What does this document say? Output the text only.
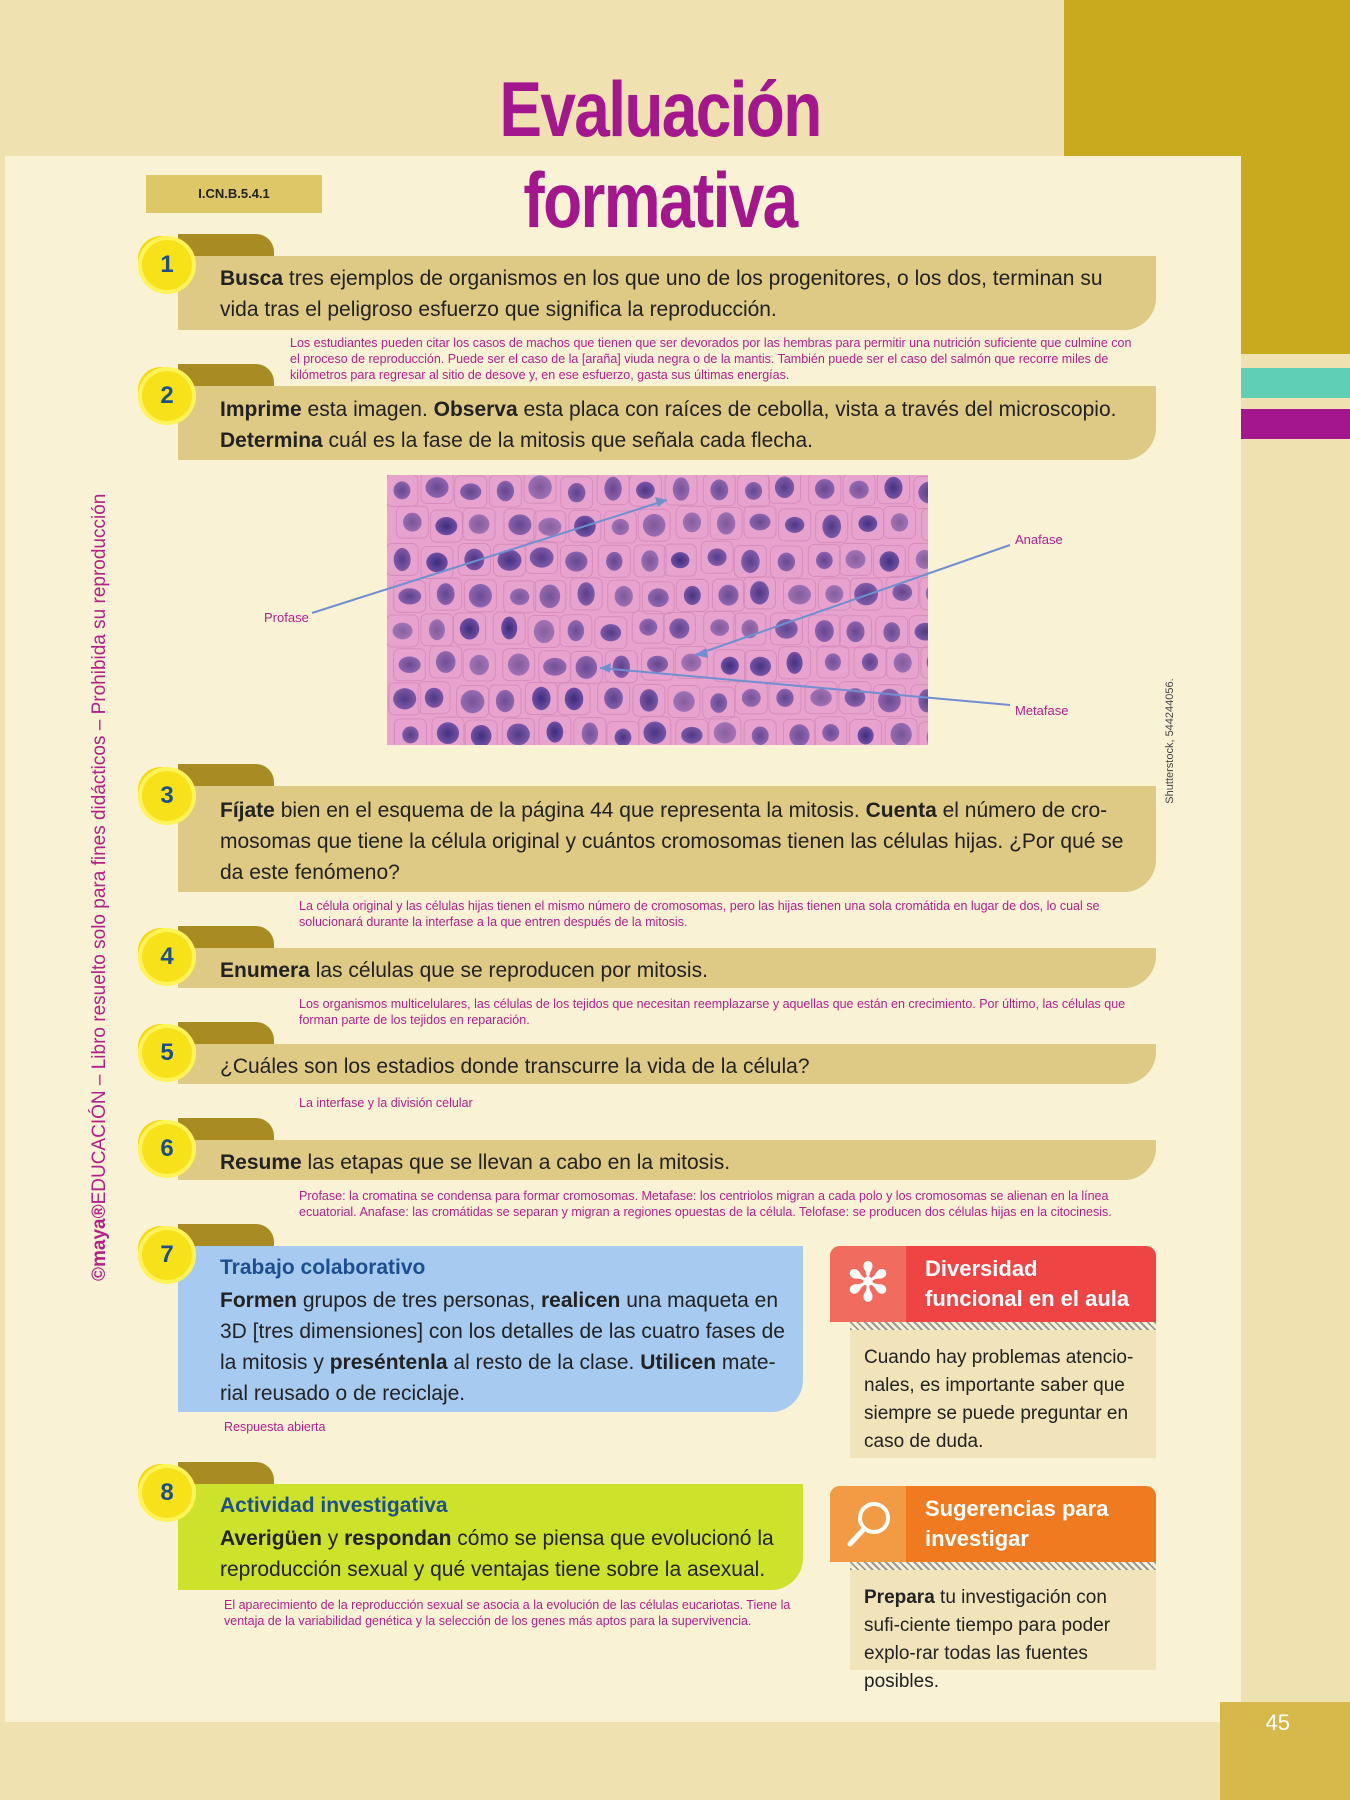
45
Evaluación formativa
I.CN.B.5.4.1
©maya®EDUCACIÓN – Libro resuelto solo para fines didácticos – Prohibida su reproducción	Shutterstock, 544244056.
1
Busca tres ejemplos de organismos en los que uno de los progenitores, o los dos, terminan su vida tras el peligroso esfuerzo que significa la reproducción.
Los estudiantes pueden citar los casos de machos que tienen que ser devorados por las hembras para permitir una nutrición suficiente que culmine con el proceso de reproducción. Puede ser el caso de la [araña] viuda negra o de la mantis. También puede ser el caso del salmón que recorre miles de kilómetros para regresar al sitio de desove y, en ese esfuerzo, gasta sus últimas energías.
2
Imprime esta imagen. Observa esta placa con raíces de cebolla, vista a través del microscopio. Determina cuál es la fase de la mitosis que señala cada flecha.
Profase
Anafase
Metafase
3
Fíjate bien en el esquema de la página 44 que representa la mitosis. Cuenta el número de cro-mosomas que tiene la célula original y cuántos cromosomas tienen las células hijas. ¿Por qué se da este fenómeno?
La célula original y las células hijas tienen el mismo número de cromosomas, pero las hijas tienen una sola cromátida en lugar de dos, lo cual se solucionará durante la interfase a la que entren después de la mitosis.
4
Enumera las células que se reproducen por mitosis.
Los organismos multicelulares, las células de los tejidos que necesitan reemplazarse y aquellas que están en crecimiento. Por último, las células que forman parte de los tejidos en reparación.
5
¿Cuáles son los estadios donde transcurre la vida de la célula?
La interfase y la división celular
6
Resume las etapas que se llevan a cabo en la mitosis.
Profase: la cromatina se condensa para formar cromosomas. Metafase: los centriolos migran a cada polo y los cromosomas se alienan en la línea ecuatorial. Anafase: las cromátidas se separan y migran a regiones opuestas de la célula. Telofase: se producen dos células hijas en la citocinesis.
7	Trabajo colaborativo
Formen grupos de tres personas, realicen una maqueta en 3D [tres dimensiones] con los detalles de las cuatro fases de la mitosis y preséntenla al resto de la clase. Utilicen mate-rial reusado o de reciclaje.
Respuesta abierta
8	Actividad investigativa
Averigüen y respondan cómo se piensa que evolucionó la reproducción sexual y qué ventajas tiene sobre la asexual.
El aparecimiento de la reproducción sexual se asocia a la evolución de las células eucariotas. Tiene la ventaja de la variabilidad genética y la selección de los genes más aptos para la supervivencia.
✻	Diversidad
funcional en el aula

Cuando hay problemas atencio-nales, es importante saber que siempre se puede preguntar en caso de duda.

Sugerencias para
investigar

Prepara tu investigación con sufi-ciente tiempo para poder explo-rar todas las fuentes posibles.
